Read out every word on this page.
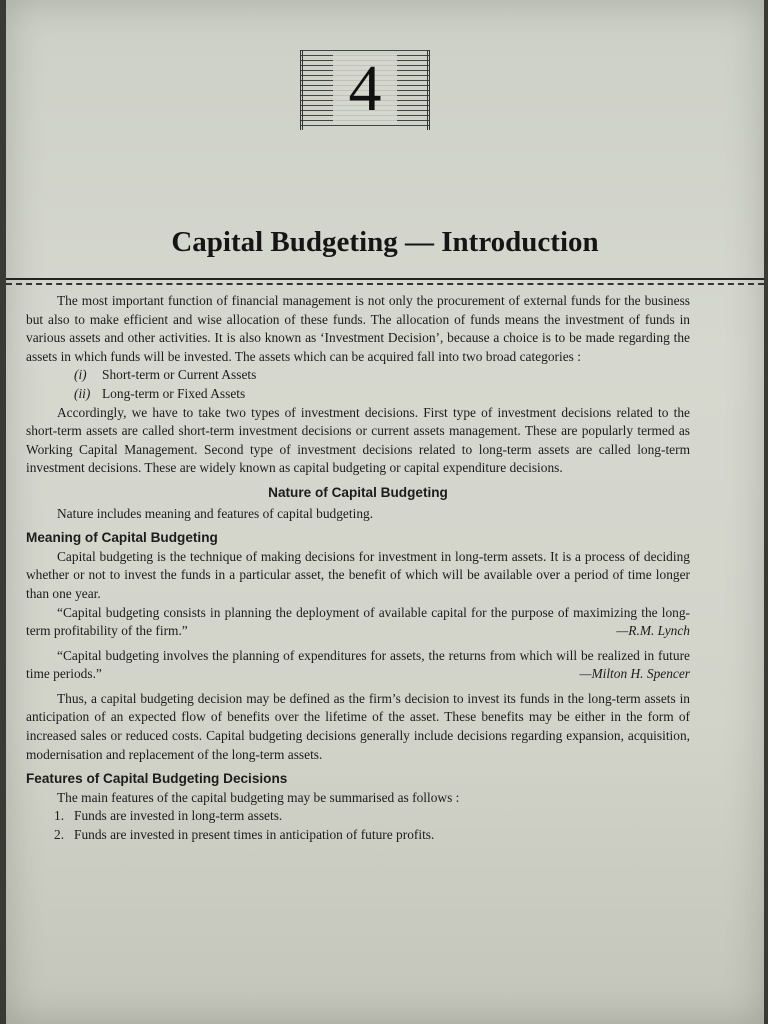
4
Capital Budgeting — Introduction

The most important function of financial management is not only the procurement of external funds for the business but also to make efficient and wise allocation of these funds. The allocation of funds means the investment of funds in various assets and other activities. It is also known as ‘Investment Decision’, because a choice is to be made regarding the assets in which funds will be invested. The assets which can be acquired fall into two broad categories :

(i) Short-term or Current Assets

(ii) Long-term or Fixed Assets

Accordingly, we have to take two types of investment decisions. First type of investment decisions related to the short-term assets are called short-term investment decisions or current assets management. These are popularly termed as Working Capital Management. Second type of investment decisions related to long-term assets are called long-term investment decisions. These are widely known as capital budgeting or capital expenditure decisions.

Nature of Capital Budgeting

Nature includes meaning and features of capital budgeting.

Meaning of Capital Budgeting

Capital budgeting is the technique of making decisions for investment in long-term assets. It is a process of deciding whether or not to invest the funds in a particular asset, the benefit of which will be available over a period of time longer than one year.

“Capital budgeting consists in planning the deployment of available capital for the purpose of maximizing the long-term profitability of the firm.”	—R.M. Lynch

“Capital budgeting involves the planning of expenditures for assets, the returns from which will be realized in future time periods.”	—Milton H. Spencer

Thus, a capital budgeting decision may be defined as the firm’s decision to invest its funds in the long-term assets in anticipation of an expected flow of benefits over the lifetime of the asset. These benefits may be either in the form of increased sales or reduced costs. Capital budgeting decisions generally include decisions regarding expansion, acquisition, modernisation and replacement of the long-term assets.

Features of Capital Budgeting Decisions

The main features of the capital budgeting may be summarised as follows :

1. Funds are invested in long-term assets.

2. Funds are invested in present times in anticipation of future profits.
